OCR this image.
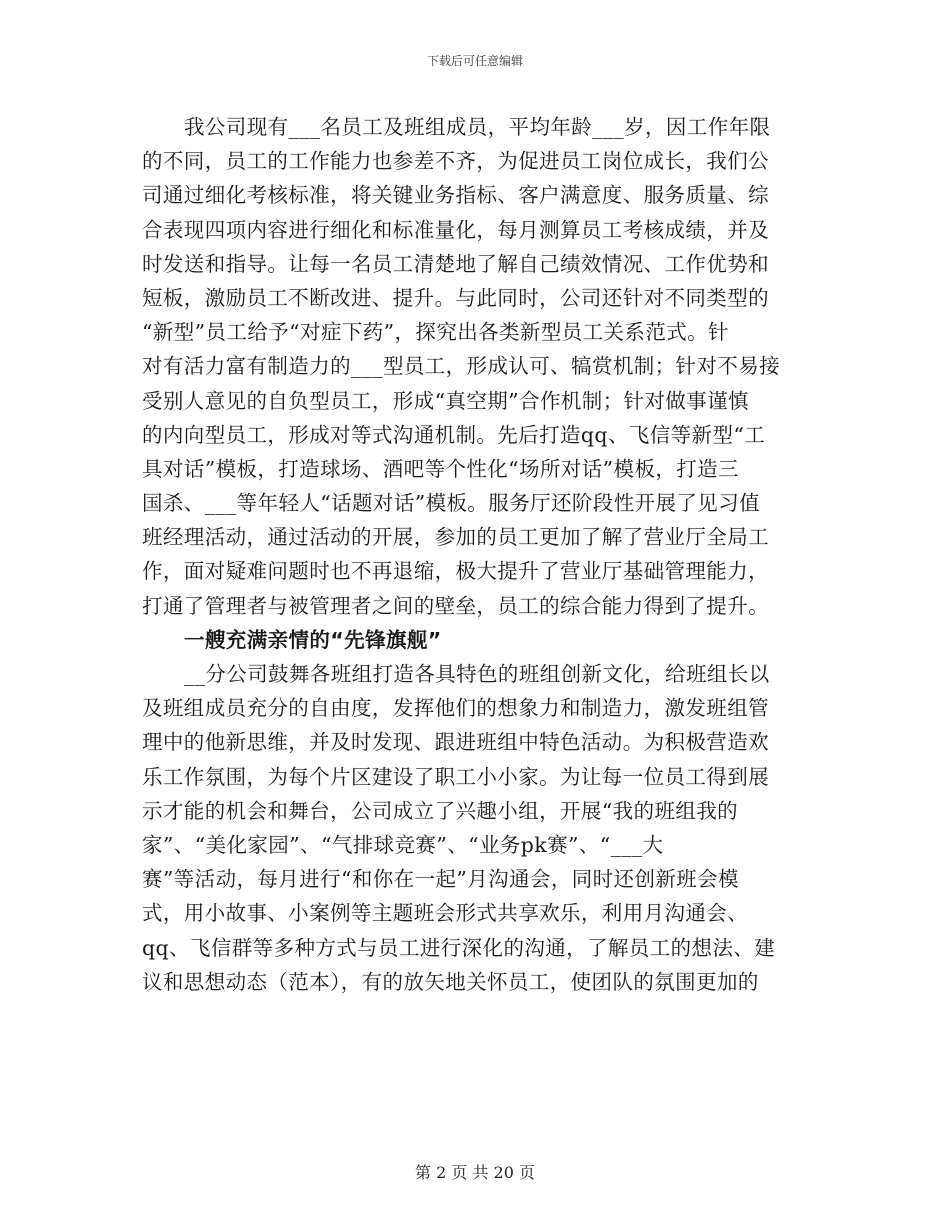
下载后可任意编辑
我公司现有___名员工及班组成员，平均年龄___岁，因工作年限
的不同，员工的工作能力也参差不齐，为促进员工岗位成长，我们公
司通过细化考核标准，将关键业务指标、客户满意度、服务质量、综
合表现四项内容进行细化和标准量化，每月测算员工考核成绩，并及
时发送和指导。让每一名员工清楚地了解自己绩效情况、工作优势和
短板，激励员工不断改进、提升。与此同时，公司还针对不同类型的
“新型”员工给予“对症下药”，探究出各类新型员工关系范式。针
对有活力富有制造力的___型员工，形成认可、犒赏机制；针对不易接
受别人意见的自负型员工，形成“真空期”合作机制；针对做事谨慎
的内向型员工，形成对等式沟通机制。先后打造qq、飞信等新型“工
具对话”模板，打造球场、酒吧等个性化“场所对话”模板，打造三
国杀、___等年轻人“话题对话”模板。服务厅还阶段性开展了见习值
班经理活动，通过活动的开展，参加的员工更加了解了营业厅全局工
作，面对疑难问题时也不再退缩，极大提升了营业厅基础管理能力，
打通了管理者与被管理者之间的壁垒，员工的综合能力得到了提升。
一艘充满亲情的“先锋旗舰”
__分公司鼓舞各班组打造各具特色的班组创新文化，给班组长以
及班组成员充分的自由度，发挥他们的想象力和制造力，激发班组管
理中的他新思维，并及时发现、跟进班组中特色活动。为积极营造欢
乐工作氛围，为每个片区建设了职工小小家。为让每一位员工得到展
示才能的机会和舞台，公司成立了兴趣小组，开展“我的班组我的
家”、“美化家园”、“气排球竞赛”、“业务pk赛”、“___大
赛”等活动，每月进行“和你在一起”月沟通会，同时还创新班会模
式，用小故事、小案例等主题班会形式共享欢乐，利用月沟通会、
qq、飞信群等多种方式与员工进行深化的沟通，了解员工的想法、建
议和思想动态（范本），有的放矢地关怀员工，使团队的氛围更加的
第 2 页 共 20 页
